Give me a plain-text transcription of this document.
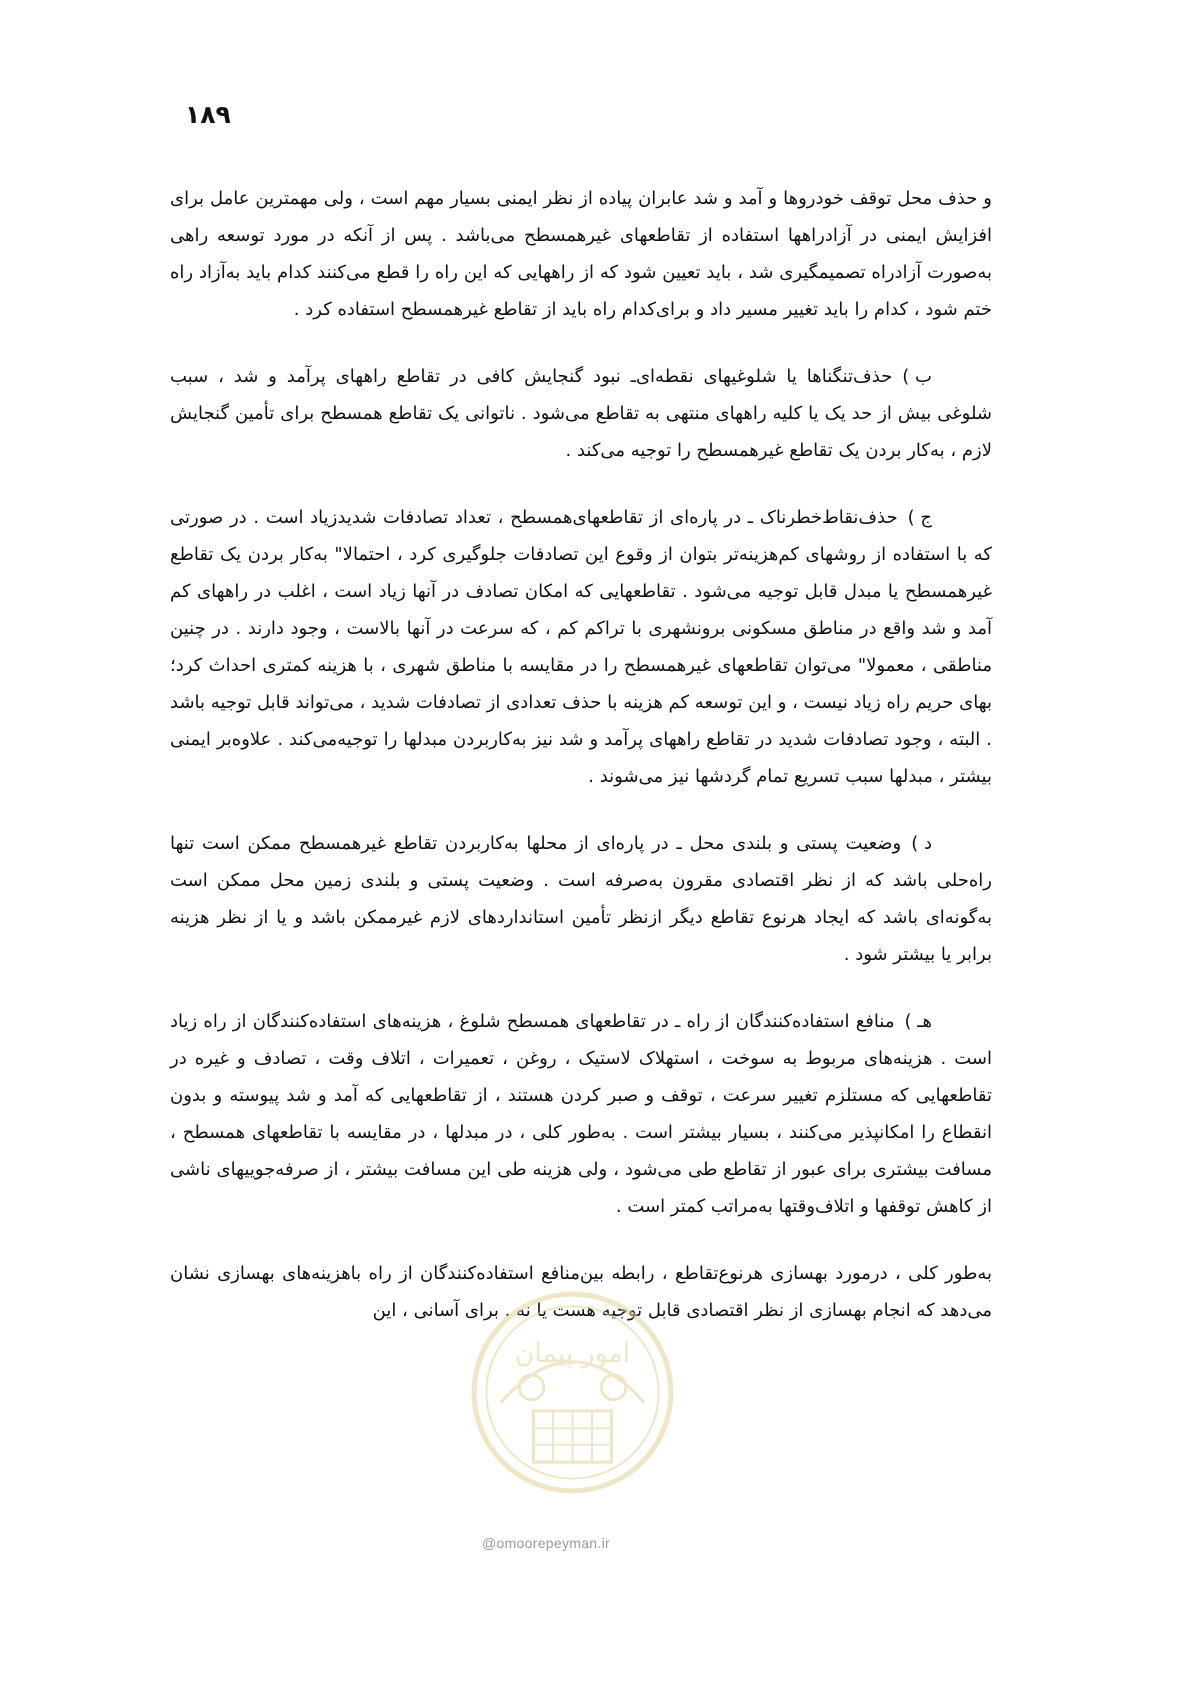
۱۸۹

و حذف محل توقف خودروها و آمد و شد عابران پیاده از نظر ایمنی بسیار مهم است ، ولی مهمترین عامل برای افزایش ایمنی در آزادراهها استفاده از تقاطعهای غیرهمسطح می‌باشد . پس از آنکه در مورد توسعه راهی به‌صورت آزادراه تصمیمگیری شد ، باید تعیین شود که از راههایی که این راه را قطع می‌کنند کدام باید به‌آزاد راه ختم شود ، کدام را باید تغییر مسیر داد و برای‌کدام راه باید از تقاطع غیرهمسطح استفاده کرد .

ب )حذف‌تنگناها یا شلوغیهای نقطه‌ای‌ـ نبود گنجایش کافی در تقاطع راههای پرآمد و شد ، سبب شلوغی بیش از حد یک یا کلیه راههای منتهی به تقاطع می‌شود . ناتوانی یک تقاطع همسطح برای تأمین گنجایش لازم ، به‌کار بردن یک تقاطع غیرهمسطح را توجیه می‌کند .

ج )حذف‌نقاط‌خطرناک ـ در پاره‌ای از تقاطعهای‌همسطح ، تعداد تصادفات شدید‌زیاد است . در صورتی که با استفاده از روشهای کم‌هزینه‌تر بتوان از وقوع این تصادفات جلوگیری کرد ، احتمالا" به‌کار بردن یک تقاطع غیرهمسطح یا مبدل قابل توجیه می‌شود . تقاطعهایی که امکان تصادف در آنها زیاد است ، اغلب در راههای کم آمد و شد واقع در مناطق مسکونی برونشهری با تراکم کم ، که سرعت در آنها بالاست ، وجود دارند . در چنین مناطقی ، معمولا" می‌توان تقاطعهای غیرهمسطح را در مقایسه با مناطق شهری ، با هزینه کمتری احداث کرد؛ بهای حریم راه زیاد نیست ، و این توسعه کم هزینه با حذف تعدادی از تصادفات شدید ، می‌تواند قابل توجیه باشد . البته ، وجود تصادفات شدید در تقاطع راههای پرآمد و شد نیز به‌کاربردن مبدلها را توجیه‌می‌کند . علاوه‌بر ایمنی بیشتر ، مبدلها سبب تسریع تمام گردشها نیز می‌شوند .

د )وضعیت پستی و بلندی محل ـ در پاره‌ای از محلها به‌کاربردن تقاطع غیرهمسطح ممکن است تنها راه‌حلی باشد که از نظر اقتصادی مقرون به‌صرفه است . وضعیت پستی و بلندی زمین محل ممکن است به‌گونه‌ای باشد که ایجاد هرنوع تقاطع دیگر ازنظر تأمین استانداردهای لازم غیرممکن باشد و یا از نظر هزینه برابر یا بیشتر شود .

هـ )منافع استفاده‌کنندگان از راه ـ در تقاطعهای همسطح شلوغ ، هزینه‌های استفاده‌کنندگان از راه زیاد است . هزینه‌های مربوط به سوخت ، استهلاک لاستیک ، روغن ، تعمیرات ، اتلاف وقت ، تصادف و غیره در تقاطعهایی که مستلزم تغییر سرعت ، توقف و صبر کردن هستند ، از تقاطعهایی که آمد و شد پیوسته و بدون انقطاع را امکانپذیر می‌کنند ، بسیار بیشتر است . به‌طور کلی ، در مبدلها ، در مقایسه با تقاطعهای همسطح ، مسافت بیشتری برای عبور از تقاطع طی می‌شود ، ولی هزینه طی این مسافت بیشتر ، از صرفه‌جوییهای ناشی از کاهش توقفها و اتلاف‌وقتها به‌مراتب کمتر است .

به‌طور کلی ، در‌مورد بهسازی هرنوع‌تقاطع ، رابطه بین‌منافع استفاده‌کنندگان از راه با‌هزینه‌های بهسازی نشان می‌دهد که انجام بهسازی از نظر اقتصادی قابل توجیه هست یا نه . برای آسانی ، این

امور پیمان
@omoorepeyman.ir
